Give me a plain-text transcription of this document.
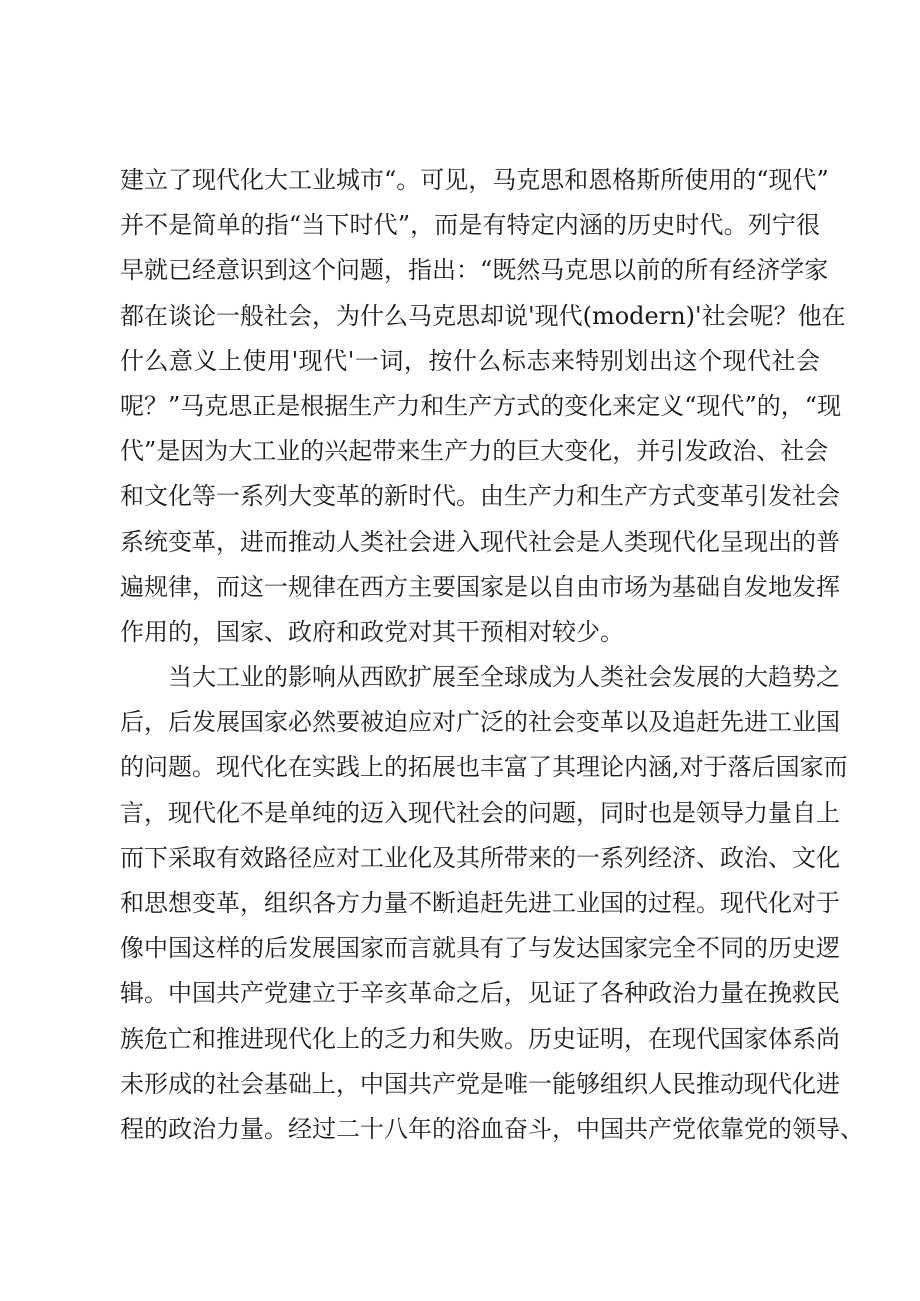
建立了现代化大工业城市“。可见，马克思和恩格斯所使用的“现代”
并不是简单的指“当下时代”，而是有特定内涵的历史时代。列宁很
早就已经意识到这个问题，指出：“既然马克思以前的所有经济学家
都在谈论一般社会，为什么马克思却说'现代(modern)'社会呢？他在
什么意义上使用'现代'一词，按什么标志来特别划出这个现代社会
呢？”马克思正是根据生产力和生产方式的变化来定义“现代”的，“现
代”是因为大工业的兴起带来生产力的巨大变化，并引发政治、社会
和文化等一系列大变革的新时代。由生产力和生产方式变革引发社会
系统变革，进而推动人类社会进入现代社会是人类现代化呈现出的普
遍规律，而这一规律在西方主要国家是以自由市场为基础自发地发挥
作用的，国家、政府和政党对其干预相对较少。
当大工业的影响从西欧扩展至全球成为人类社会发展的大趋势之
后，后发展国家必然要被迫应对广泛的社会变革以及追赶先进工业国
的问题。现代化在实践上的拓展也丰富了其理论内涵,对于落后国家而
言，现代化不是单纯的迈入现代社会的问题，同时也是领导力量自上
而下采取有效路径应对工业化及其所带来的一系列经济、政治、文化
和思想变革，组织各方力量不断追赶先进工业国的过程。现代化对于
像中国这样的后发展国家而言就具有了与发达国家完全不同的历史逻
辑。中国共产党建立于辛亥革命之后，见证了各种政治力量在挽救民
族危亡和推进现代化上的乏力和失败。历史证明，在现代国家体系尚
未形成的社会基础上，中国共产党是唯一能够组织人民推动现代化进
程的政治力量。经过二十八年的浴血奋斗，中国共产党依靠党的领导、
